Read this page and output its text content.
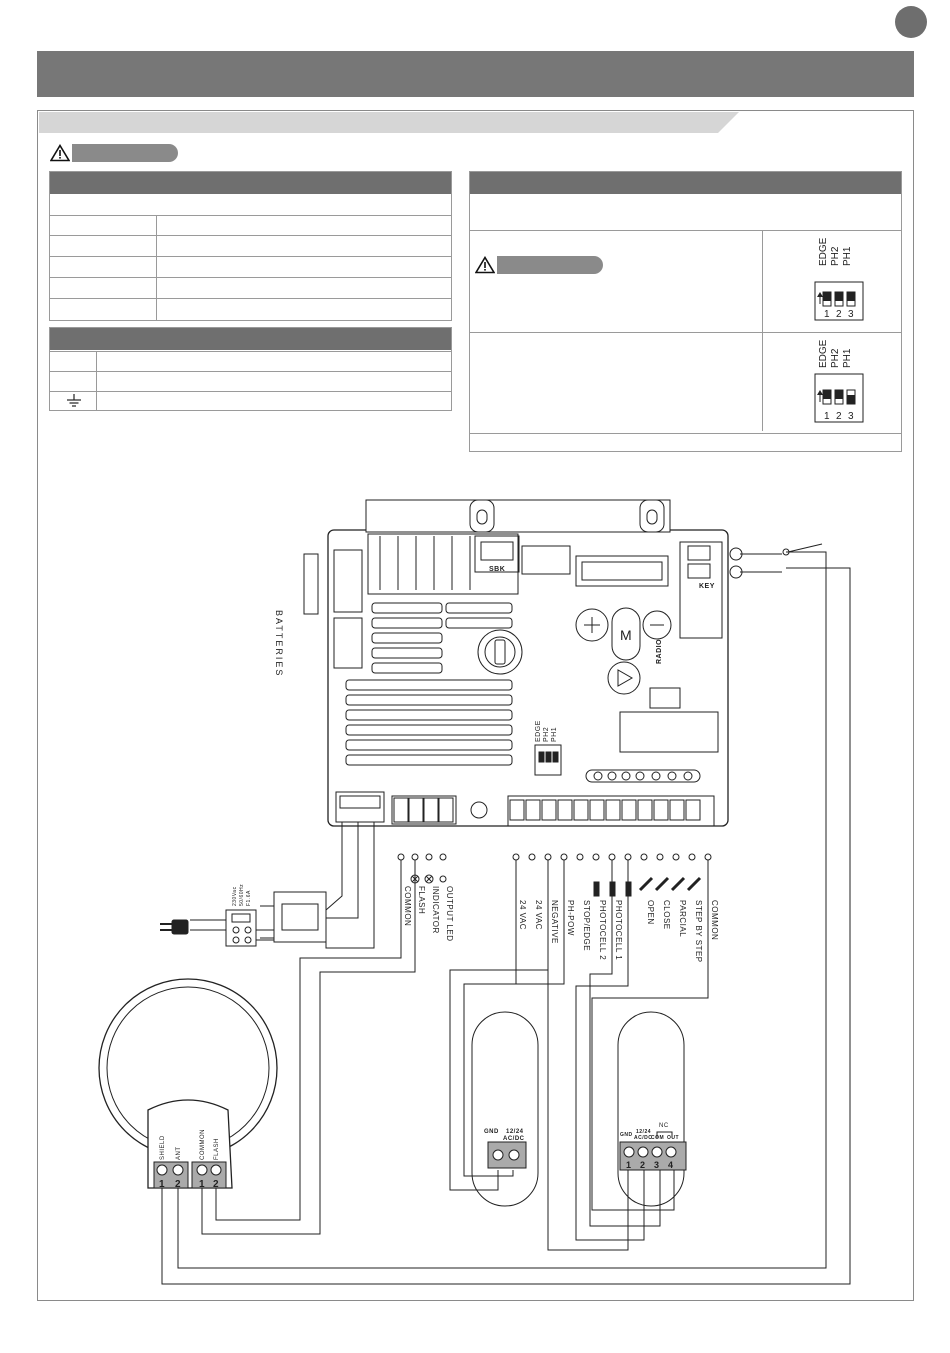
EDGE PH2 PH1
1 2 3
EDGE PH2 PH1
1 2 3
BATTERIES
SBK
KEY
M
RADIO
EDGE PH2 PH1
COMMON FLASH INDICATOR OUTPUT LED	24 VAC 24 VAC NEGATIVE PH-POW STOP/EDGE PHOTOCELL 2 PHOTOCELL 1	OPEN CLOSE PARCIAL STEP BY STEP COMMON
230Vac 50/60Hz F1.6A
SHIELD ANT	COMMON FLASH
1 2 1 2
GND 12/24
AC/DC
NC
GND 12/24
AC/DC
COM OUT
1 2 3 4
